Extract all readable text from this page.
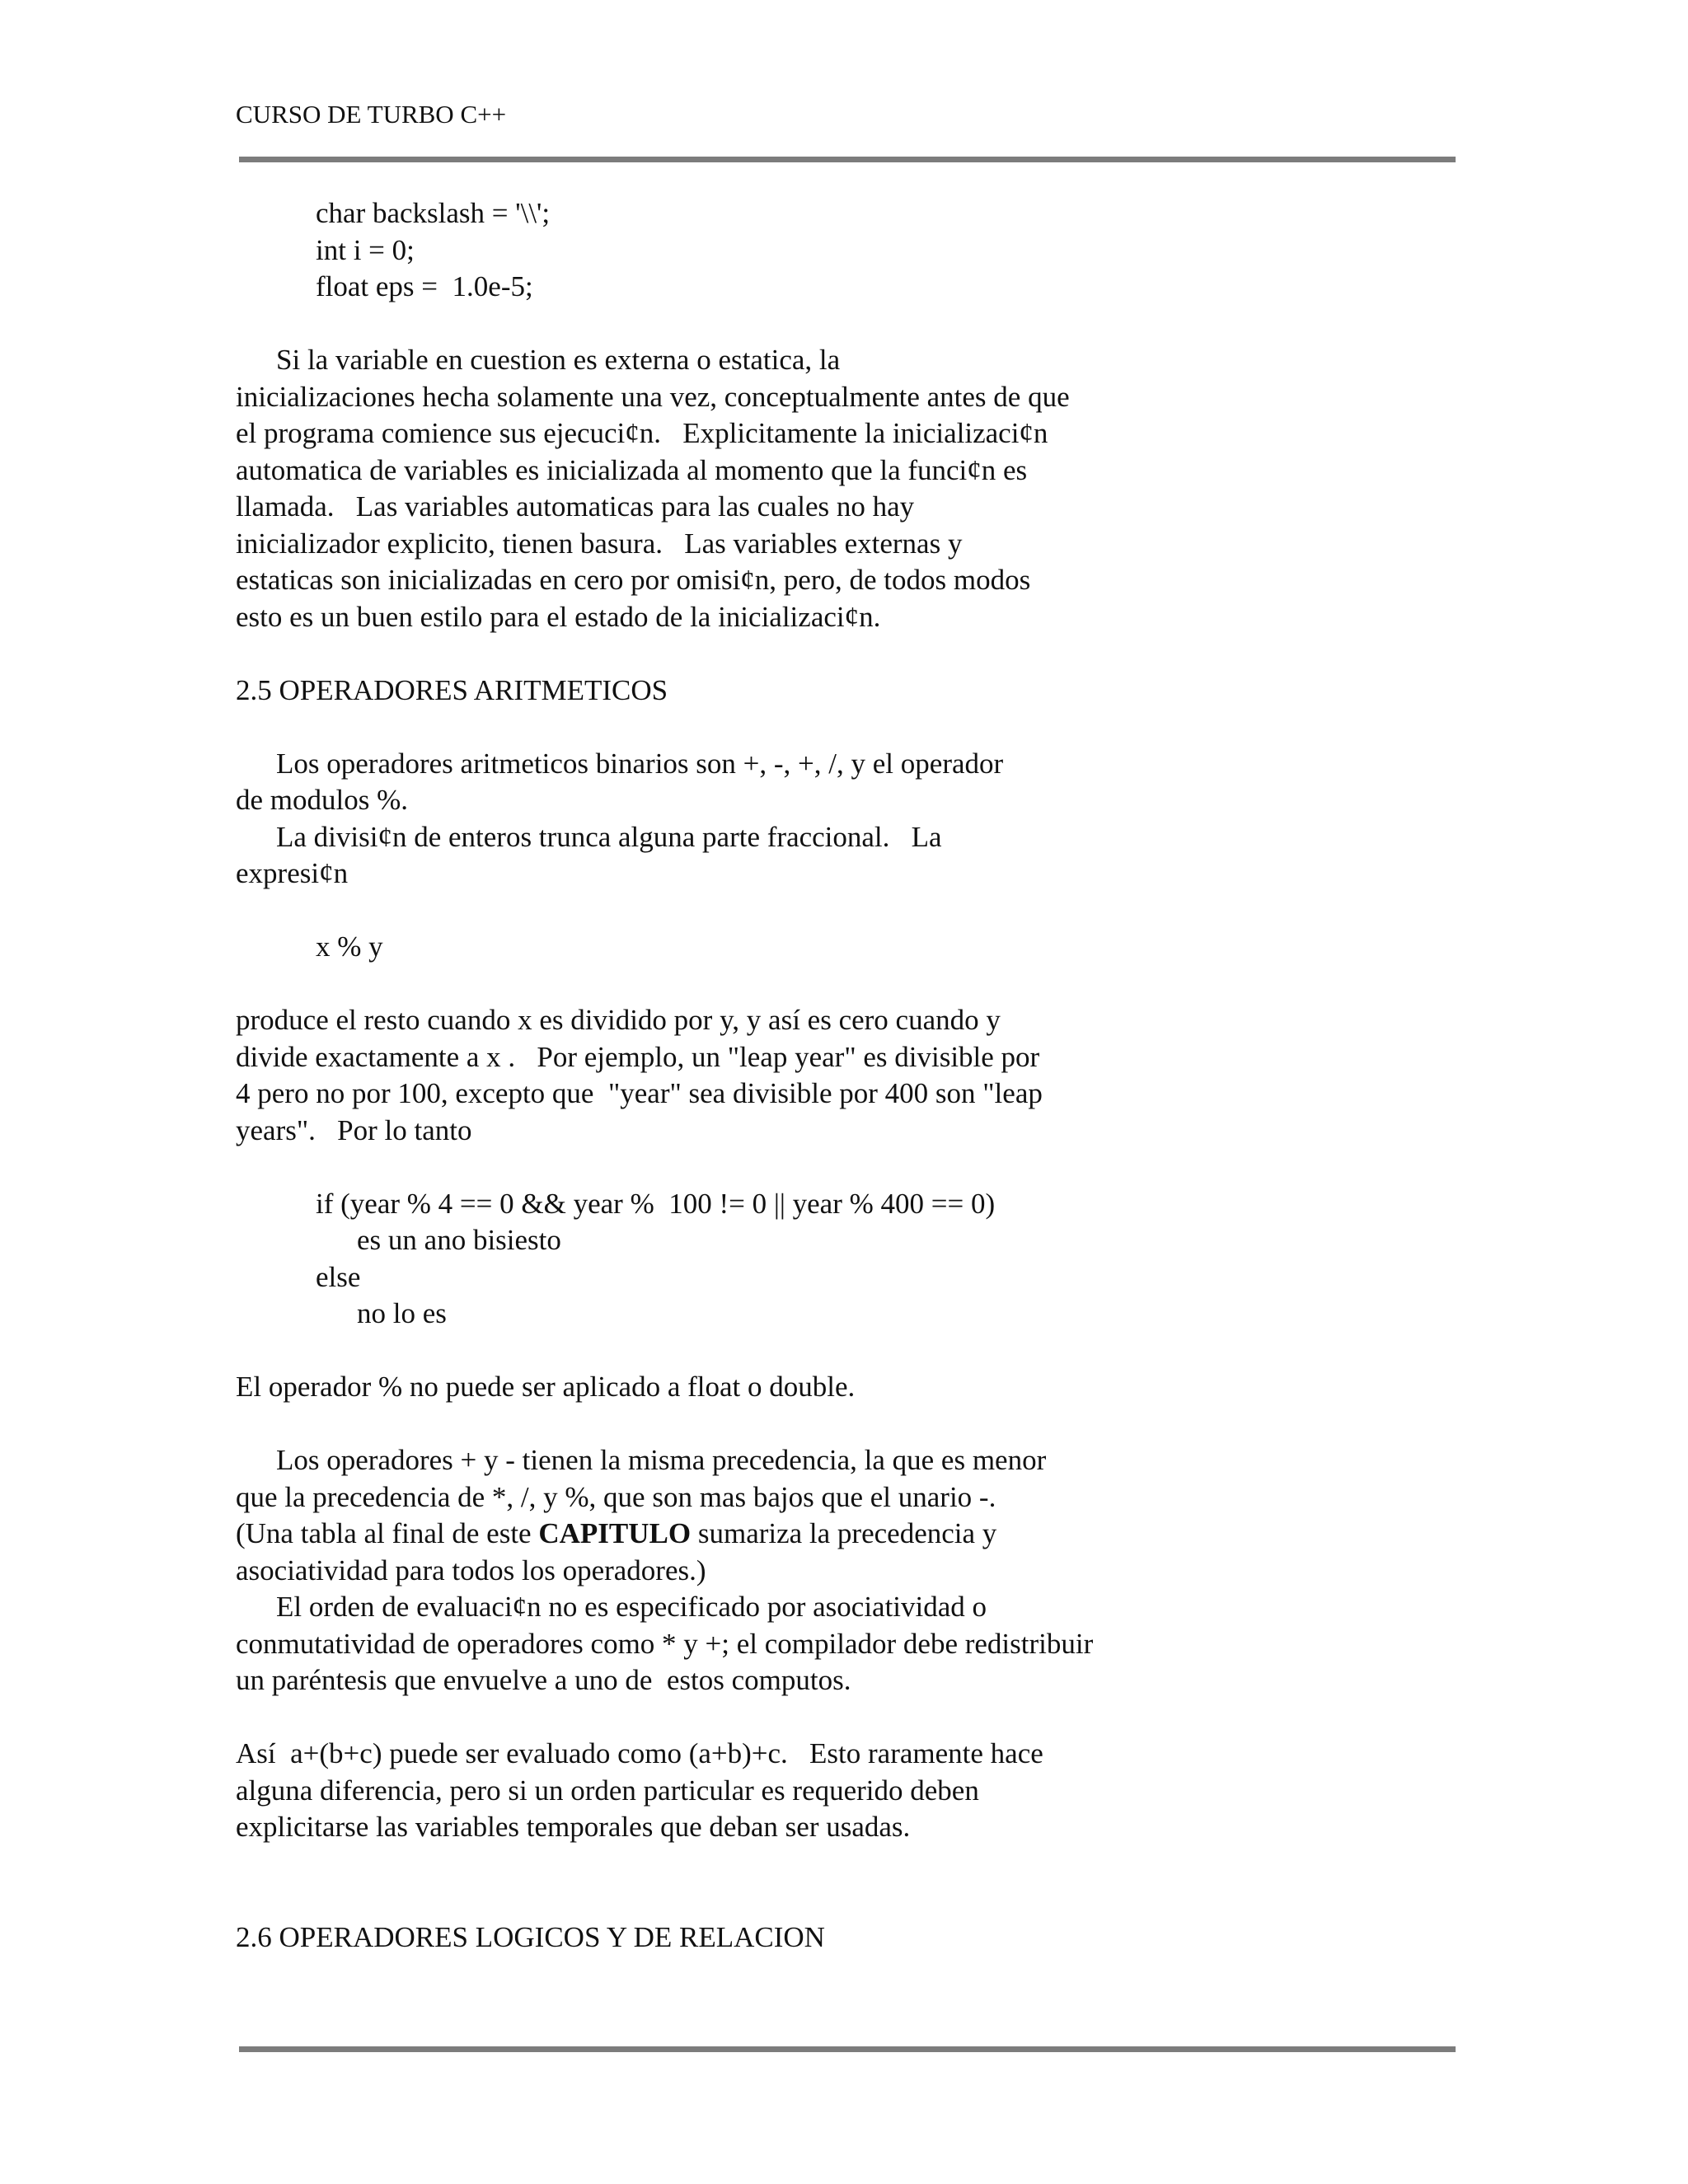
CURSO DE TURBO C++
char backslash = '\\';
int i = 0;
float eps =  1.0e-5;
Si la variable en cuestion es externa o estatica, la
inicializaciones hecha solamente una vez, conceptualmente antes de que
el programa comience sus ejecuci¢n.   Explicitamente la inicializaci¢n
automatica de variables es inicializada al momento que la funci¢n es
llamada.   Las variables automaticas para las cuales no hay
inicializador explicito, tienen basura.   Las variables externas y
estaticas son inicializadas en cero por omisi¢n, pero, de todos modos
esto es un buen estilo para el estado de la inicializaci¢n.
2.5 OPERADORES ARITMETICOS
Los operadores aritmeticos binarios son +, -, +, /, y el operador
de modulos %.
La divisi¢n de enteros trunca alguna parte fraccional.   La
expresi¢n
x % y
produce el resto cuando x es dividido por y, y así es cero cuando y
divide exactamente a x .   Por ejemplo, un "leap year" es divisible por
4 pero no por 100, excepto que  "year" sea divisible por 400 son "leap
years".   Por lo tanto
if (year % 4 == 0 && year %  100 != 0 || year % 400 == 0)
es un ano bisiesto
else
no lo es
El operador % no puede ser aplicado a float o double.
Los operadores + y - tienen la misma precedencia, la que es menor
que la precedencia de *, /, y %, que son mas bajos que el unario -.
(Una tabla al final de este CAPITULO sumariza la precedencia y
asociatividad para todos los operadores.)
El orden de evaluaci¢n no es especificado por asociatividad o
conmutatividad de operadores como * y +; el compilador debe redistribuir
un paréntesis que envuelve a uno de  estos computos.
Así  a+(b+c) puede ser evaluado como (a+b)+c.   Esto raramente hace
alguna diferencia, pero si un orden particular es requerido deben
explicitarse las variables temporales que deban ser usadas.
2.6 OPERADORES LOGICOS Y DE RELACION
